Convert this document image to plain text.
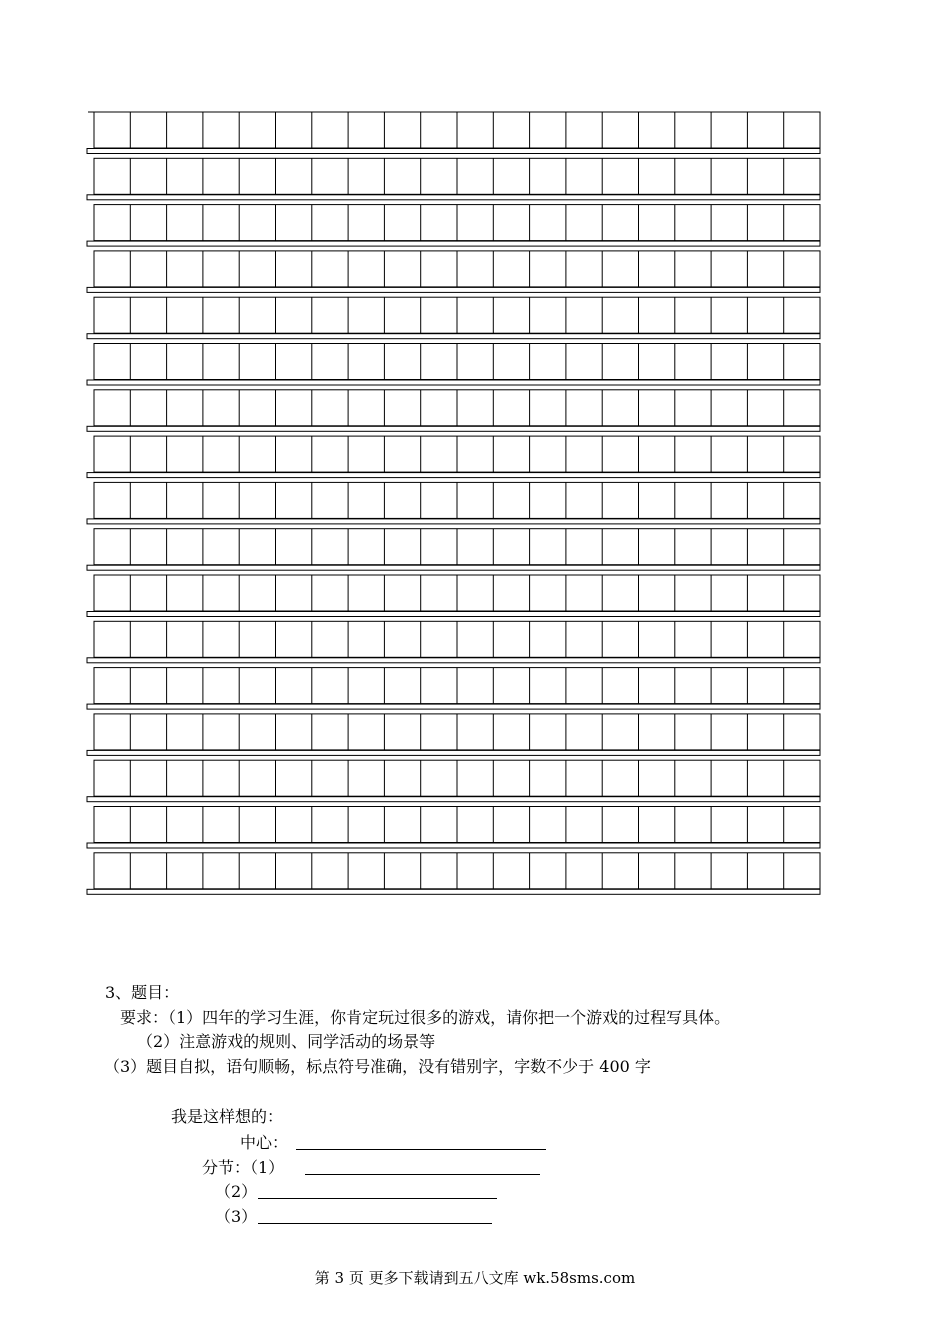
3、题目：
要求：（1）四年的学习生涯，你肯定玩过很多的游戏，请你把一个游戏的过程写具体。
（2）注意游戏的规则、同学活动的场景等
（3）题目自拟，语句顺畅，标点符号准确，没有错别字，字数不少于 400 字
我是这样想的：
中心：
分节：（1）
（2）
（3）
第 3 页 更多下载请到五八文库 wk.58sms.com
